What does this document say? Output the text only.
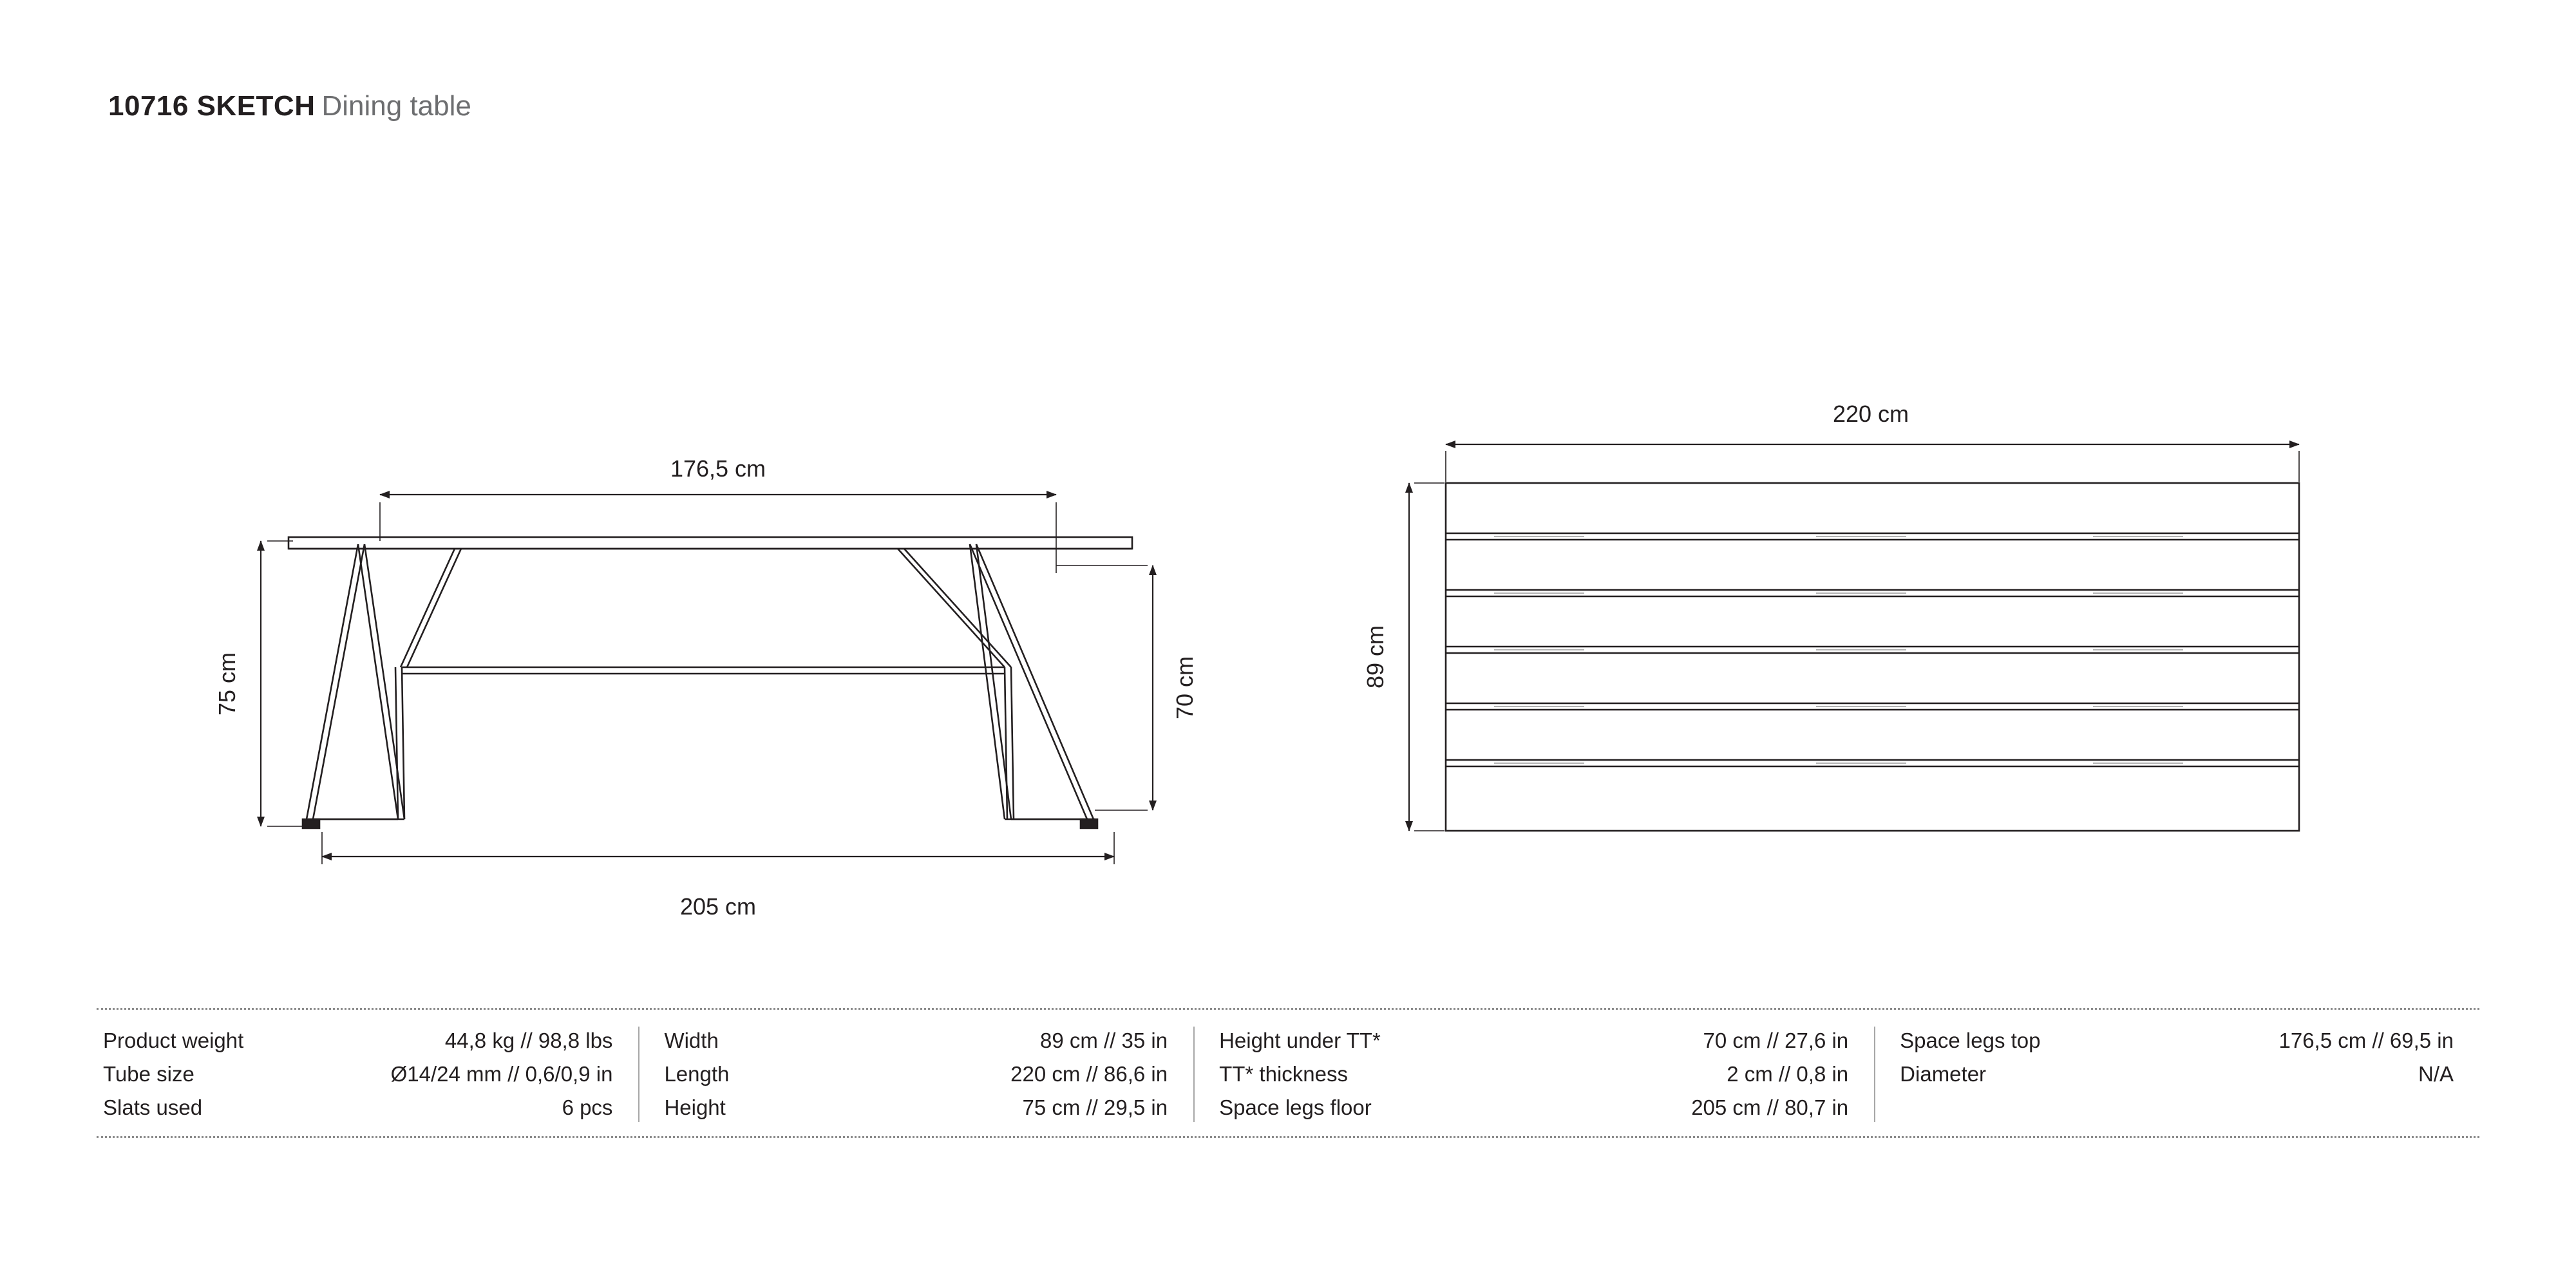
10716 SKETCH Dining table
176,5 cm
75 cm	70 cm
205 cm
220 cm
89 cm
Product weight	44,8 kg // 98,8 lbs
Tube size	Ø14/24 mm // 0,6/0,9 in
Slats used	6 pcs
Width	89 cm // 35 in
Length	220 cm // 86,6 in
Height	75 cm // 29,5 in
Height under TT*	70 cm // 27,6 in
TT* thickness	2 cm // 0,8 in
Space legs floor	205 cm // 80,7 in
Space legs top	176,5 cm // 69,5 in
Diameter	N/A
